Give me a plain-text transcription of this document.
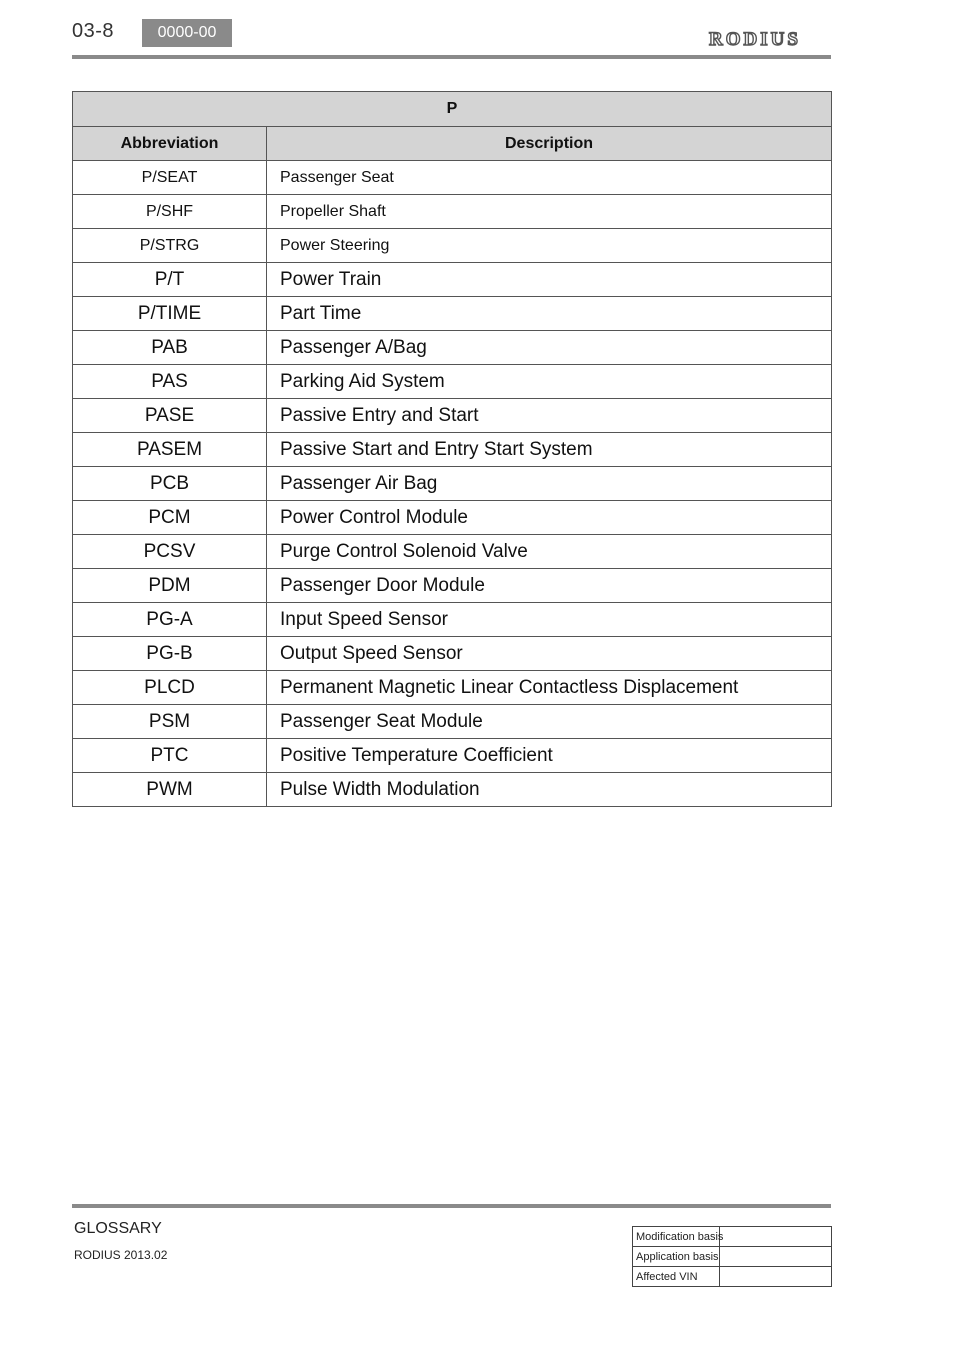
03-8	0000-00	RODIUS
P	
Abbreviation	Description
P/SEAT	Passenger Seat
P/SHF	Propeller Shaft
P/STRG	Power Steering
P/T	Power Train
P/TIME	Part Time
PAB	Passenger A/Bag
PAS	Parking Aid System
PASE	Passive Entry and Start
PASEM	Passive Start and Entry Start System
PCB	Passenger Air Bag
PCM	Power Control Module
PCSV	Purge Control Solenoid Valve
PDM	Passenger Door Module
PG-A	Input Speed Sensor
PG-B	Output Speed Sensor
PLCD	Permanent Magnetic Linear Contactless Displacement
PSM	Passenger Seat Module
PTC	Positive Temperature Coefficient
PWM	Pulse Width Modulation
GLOSSARY
RODIUS 2013.02
Modification basis	
Application basis	
Affected VIN	
